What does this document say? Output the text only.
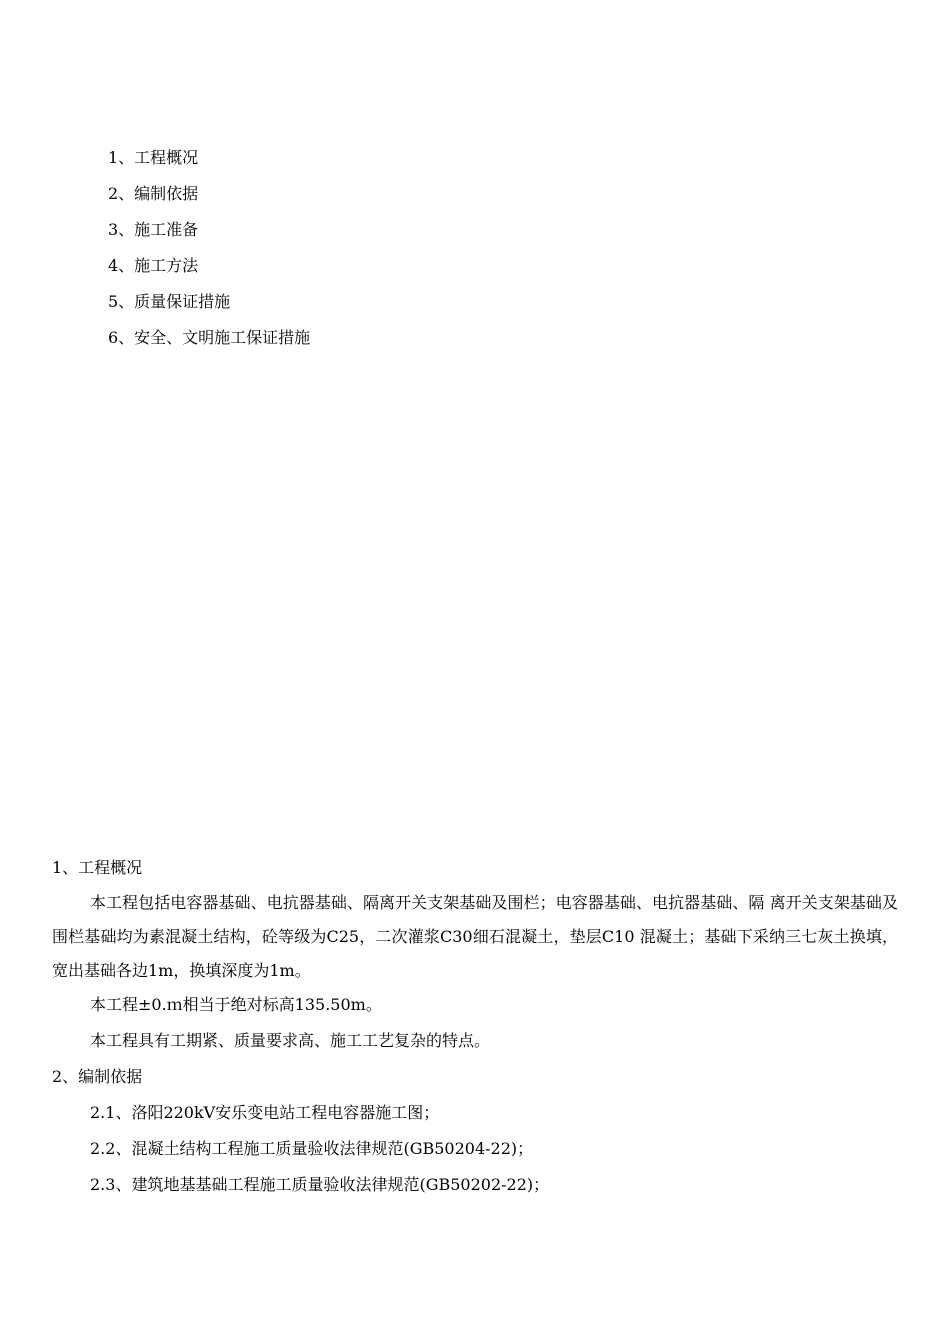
1、工程概况
2、编制依据
3、施工准备
4、施工方法
5、质量保证措施
6、安全、文明施工保证措施

1、工程概况

本工程包括电容器基础、电抗器基础、隔离开关支架基础及围栏；电容器基础、电抗器基础、隔 离开关支架基础及围栏基础均为素混凝土结构，砼等级为C25，二次灌浆C30细石混凝土，垫层C10 混凝土；基础下采纳三七灰土换填，宽出基础各边1m，换填深度为1m。

本工程±0.ｍ相当于绝对标高135.50m。

本工程具有工期紧、质量要求高、施工工艺复杂的特点。

2、编制依据

2.1、洛阳220kV安乐变电站工程电容器施工图；

2.2、混凝土结构工程施工质量验收法律规范(GB50204-22)；

2.3、建筑地基基础工程施工质量验收法律规范(GB50202-22)；
